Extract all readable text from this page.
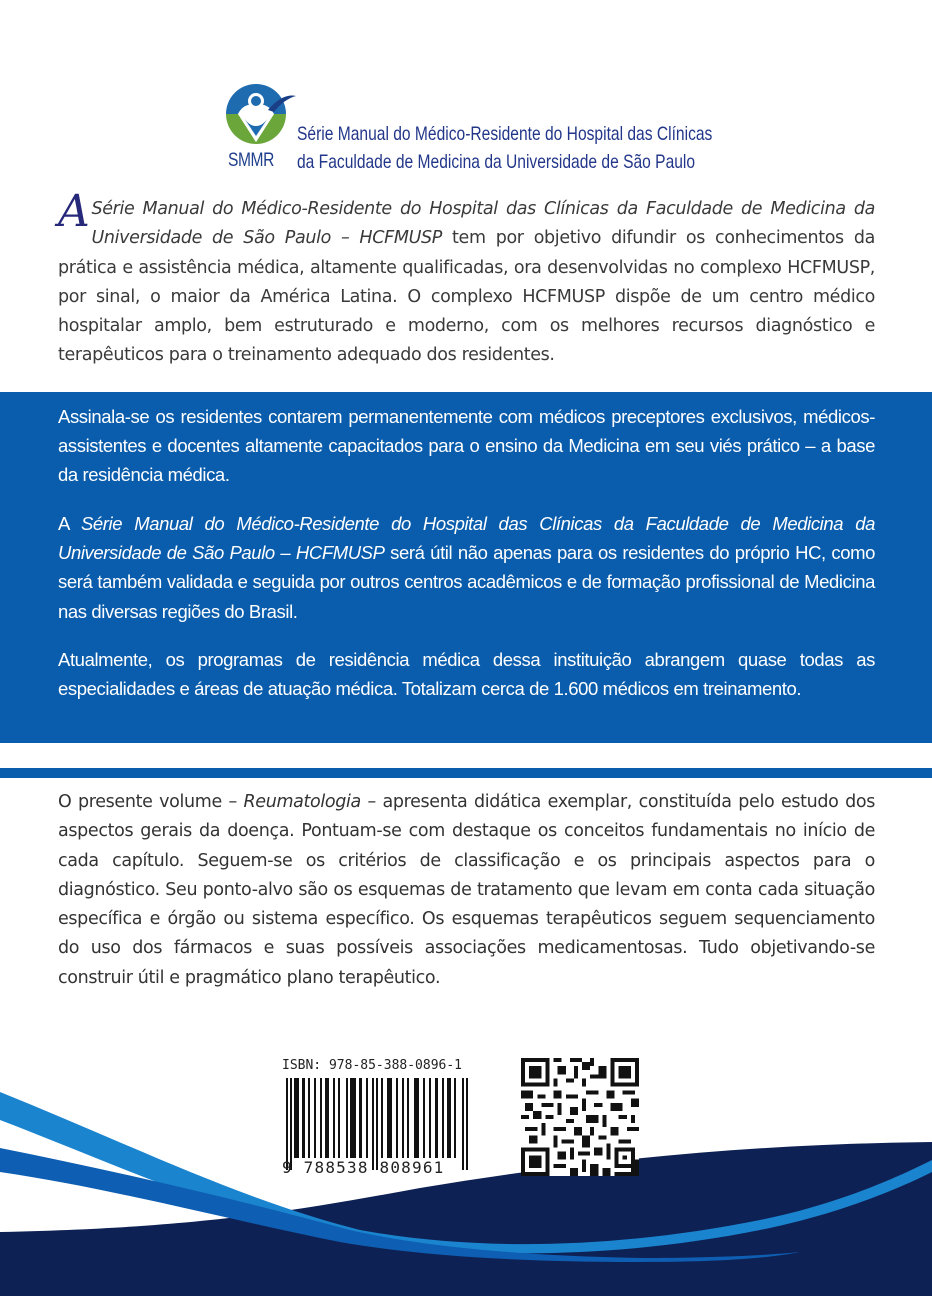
SMMR
Série Manual do Médico-Residente do Hospital das Clínicas
da Faculdade de Medicina da Universidade de São Paulo
A Série Manual do Médico-Residente do Hospital das Clínicas da Faculdade de Medicina da Universidade de São Paulo – HCFMUSP tem por objetivo difundir os conhecimentos da prática e assistência médica, altamente qualificadas, ora desenvolvidas no complexo HCFMUSP, por sinal, o maior da América Latina. O complexo HCFMUSP dispõe de um centro médico hospitalar amplo, bem estruturado e moderno, com os melhores recursos diagnóstico e terapêuticos para o treinamento adequado dos residentes.
Assinala-se os residentes contarem permanentemente com médicos preceptores exclusivos, médicos-assistentes e docentes altamente capacitados para o ensino da Medicina em seu viés prático – a base da residência médica.
A Série Manual do Médico-Residente do Hospital das Clínicas da Faculdade de Medicina da Universidade de São Paulo – HCFMUSP será útil não apenas para os residentes do próprio HC, como será também validada e seguida por outros centros acadêmicos e de formação profissional de Medicina nas diversas regiões do Brasil.
Atualmente, os programas de residência médica dessa instituição abrangem quase todas as especialidades e áreas de atuação médica. Totalizam cerca de 1.600 médicos em treinamento.
O presente volume – Reumatologia – apresenta didática exemplar, constituída pelo estudo dos aspectos gerais da doença. Pontuam-se com destaque os conceitos fundamentais no início de cada capítulo. Seguem-se os critérios de classificação e os principais aspectos para o diagnóstico. Seu ponto-alvo são os esquemas de tratamento que levam em conta cada situação específica e órgão ou sistema específico. Os esquemas terapêuticos seguem sequenciamento do uso dos fármacos e suas possíveis associações medicamentosas. Tudo objetivando-se construir útil e pragmático plano terapêutico.
ISBN: 978-85-388-0896-1
9 788538 808961
